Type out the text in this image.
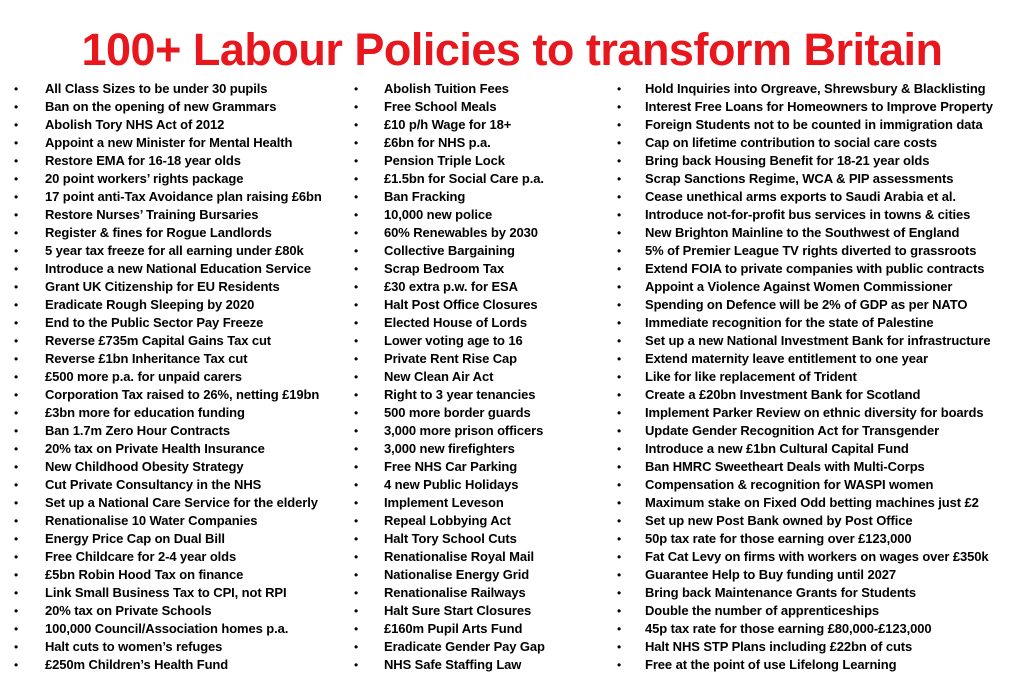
100+ Labour Policies to transform Britain
• All Class Sizes to be under 30 pupils
• Ban on the opening of new Grammars
• Abolish Tory NHS Act of 2012
• Appoint a new Minister for Mental Health
• Restore EMA for 16-18 year olds
• 20 point workers’ rights package
• 17 point anti-Tax Avoidance plan raising £6bn
• Restore Nurses’ Training Bursaries
• Register & fines for Rogue Landlords
• 5 year tax freeze for all earning under £80k
• Introduce a new National Education Service
• Grant UK Citizenship for EU Residents
• Eradicate Rough Sleeping by 2020
• End to the Public Sector Pay Freeze
• Reverse £735m Capital Gains Tax cut
• Reverse £1bn Inheritance Tax cut
• £500 more p.a. for unpaid carers
• Corporation Tax raised to 26%, netting £19bn
• £3bn more for education funding
• Ban 1.7m Zero Hour Contracts
• 20% tax on Private Health Insurance
• New Childhood Obesity Strategy
• Cut Private Consultancy in the NHS
• Set up a National Care Service for the elderly
• Renationalise 10 Water Companies
• Energy Price Cap on Dual Bill
• Free Childcare for 2-4 year olds
• £5bn Robin Hood Tax on finance
• Link Small Business Tax to CPI, not RPI
• 20% tax on Private Schools
• 100,000 Council/Association homes p.a.
• Halt cuts to women’s refuges
• £250m Children’s Health Fund
• Abolish Tuition Fees
• Free School Meals
• £10 p/h Wage for 18+
• £6bn for NHS p.a.
• Pension Triple Lock
• £1.5bn for Social Care p.a.
• Ban Fracking
• 10,000 new police
• 60% Renewables by 2030
• Collective Bargaining
• Scrap Bedroom Tax
• £30 extra p.w. for ESA
• Halt Post Office Closures
• Elected House of Lords
• Lower voting age to 16
• Private Rent Rise Cap
• New Clean Air Act
• Right to 3 year tenancies
• 500 more border guards
• 3,000 more prison officers
• 3,000 new firefighters
• Free NHS Car Parking
• 4 new Public Holidays
• Implement Leveson
• Repeal Lobbying Act
• Halt Tory School Cuts
• Renationalise Royal Mail
• Nationalise Energy Grid
• Renationalise Railways
• Halt Sure Start Closures
• £160m Pupil Arts Fund
• Eradicate Gender Pay Gap
• NHS Safe Staffing Law
• Hold Inquiries into Orgreave, Shrewsbury & Blacklisting
• Interest Free Loans for Homeowners to Improve Property
• Foreign Students not to be counted in immigration data
• Cap on lifetime contribution to social care costs
• Bring back Housing Benefit for 18-21 year olds
• Scrap Sanctions Regime, WCA & PIP assessments
• Cease unethical arms exports to Saudi Arabia et al.
• Introduce not-for-profit bus services in towns & cities
• New Brighton Mainline to the Southwest of England
• 5% of Premier League TV rights diverted to grassroots
• Extend FOIA to private companies with public contracts
• Appoint a Violence Against Women Commissioner
• Spending on Defence will be 2% of GDP as per NATO
• Immediate recognition for the state of Palestine
• Set up a new National Investment Bank for infrastructure
• Extend maternity leave entitlement to one year
• Like for like replacement of Trident
• Create a £20bn Investment Bank for Scotland
• Implement Parker Review on ethnic diversity for boards
• Update Gender Recognition Act for Transgender
• Introduce a new £1bn Cultural Capital Fund
• Ban HMRC Sweetheart Deals with Multi-Corps
• Compensation & recognition for WASPI women
• Maximum stake on Fixed Odd betting machines just £2
• Set up new Post Bank owned by Post Office
• 50p tax rate for those earning over £123,000
• Fat Cat Levy on firms with workers on wages over £350k
• Guarantee Help to Buy funding until 2027
• Bring back Maintenance Grants for Students
• Double the number of apprenticeships
• 45p tax rate for those earning £80,000-£123,000
• Halt NHS STP Plans including £22bn of cuts
• Free at the point of use Lifelong Learning
